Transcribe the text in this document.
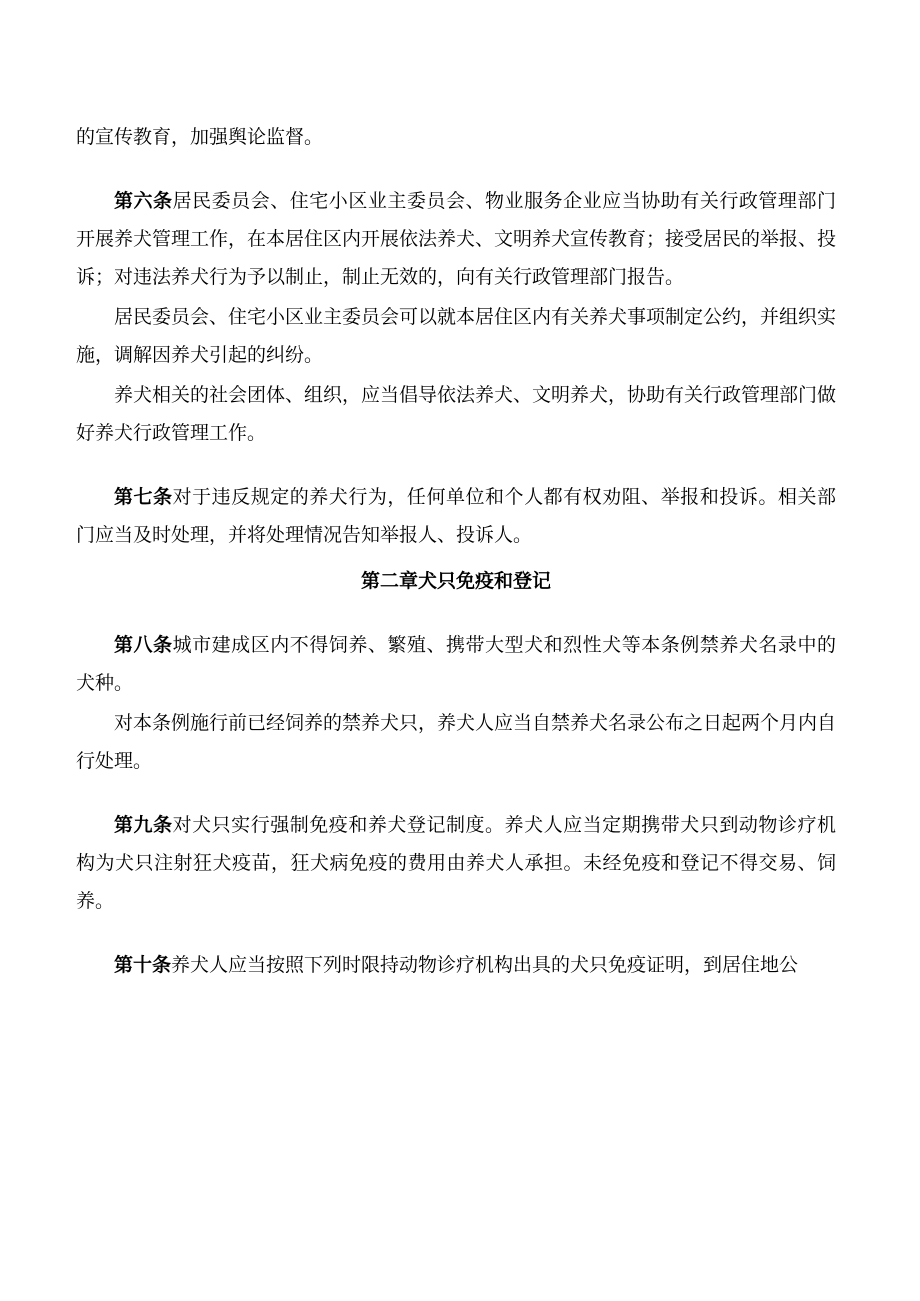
的宣传教育，加强舆论监督。

第六条居民委员会、住宅小区业主委员会、物业服务企业应当协助有关行政管理部门开展养犬管理工作，在本居住区内开展依法养犬、文明养犬宣传教育；接受居民的举报、投诉；对违法养犬行为予以制止，制止无效的，向有关行政管理部门报告。

居民委员会、住宅小区业主委员会可以就本居住区内有关养犬事项制定公约，并组织实施，调解因养犬引起的纠纷。

养犬相关的社会团体、组织，应当倡导依法养犬、文明养犬，协助有关行政管理部门做好养犬行政管理工作。

第七条对于违反规定的养犬行为，任何单位和个人都有权劝阻、举报和投诉。相关部门应当及时处理，并将处理情况告知举报人、投诉人。

第二章犬只免疫和登记

第八条城市建成区内不得饲养、繁殖、携带大型犬和烈性犬等本条例禁养犬名录中的犬种。

对本条例施行前已经饲养的禁养犬只，养犬人应当自禁养犬名录公布之日起两个月内自行处理。

第九条对犬只实行强制免疫和养犬登记制度。养犬人应当定期携带犬只到动物诊疗机构为犬只注射狂犬疫苗，狂犬病免疫的费用由养犬人承担。未经免疫和登记不得交易、饲养。

第十条养犬人应当按照下列时限持动物诊疗机构出具的犬只免疫证明，到居住地公
